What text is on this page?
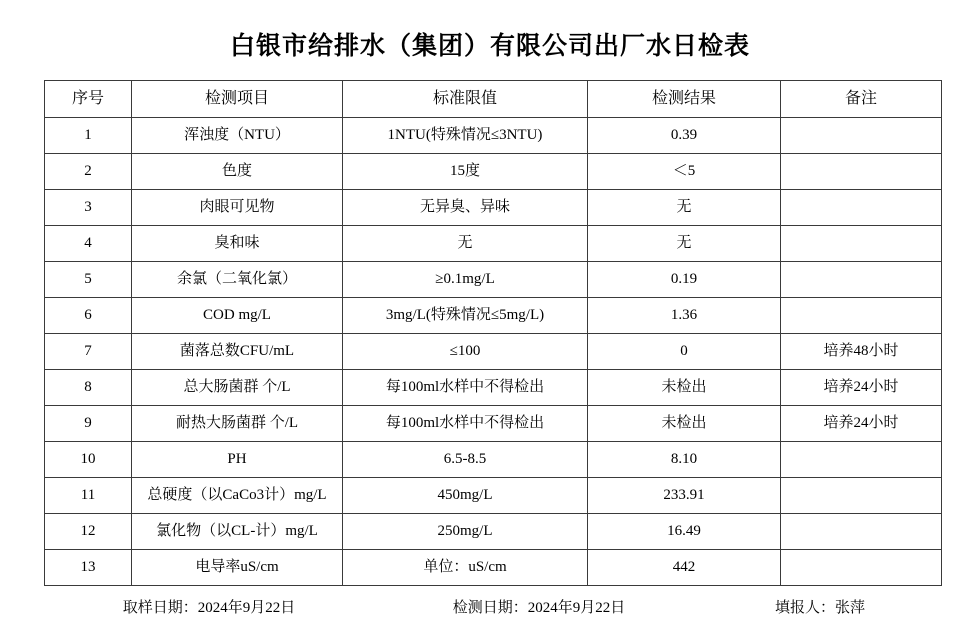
白银市给排水（集团）有限公司出厂水日检表
序号	检测项目	标准限值	检测结果	备注
1	浑浊度（NTU）	1NTU(特殊情况≤3NTU)	0.39	
2	色度	15度	＜5	
3	肉眼可见物	无异臭、异味	无	
4	臭和味	无	无	
5	余氯（二氧化氯）	≥0.1mg/L	0.19	
6	COD mg/L	3mg/L(特殊情况≤5mg/L)	1.36	
7	菌落总数CFU/mL	≤100	0	培养48小时
8	总大肠菌群 个/L	每100ml水样中不得检出	未检出	培养24小时
9	耐热大肠菌群 个/L	每100ml水样中不得检出	未检出	培养24小时
10	PH	6.5-8.5	8.10	
11	总硬度（以CaCo3计）mg/L	450mg/L	233.91	
12	氯化物（以CL-计）mg/L	250mg/L	16.49	
13	电导率uS/cm	单位：uS/cm	442	
取样日期：2024年9月22日	检测日期：2024年9月22日	填报人：张萍
